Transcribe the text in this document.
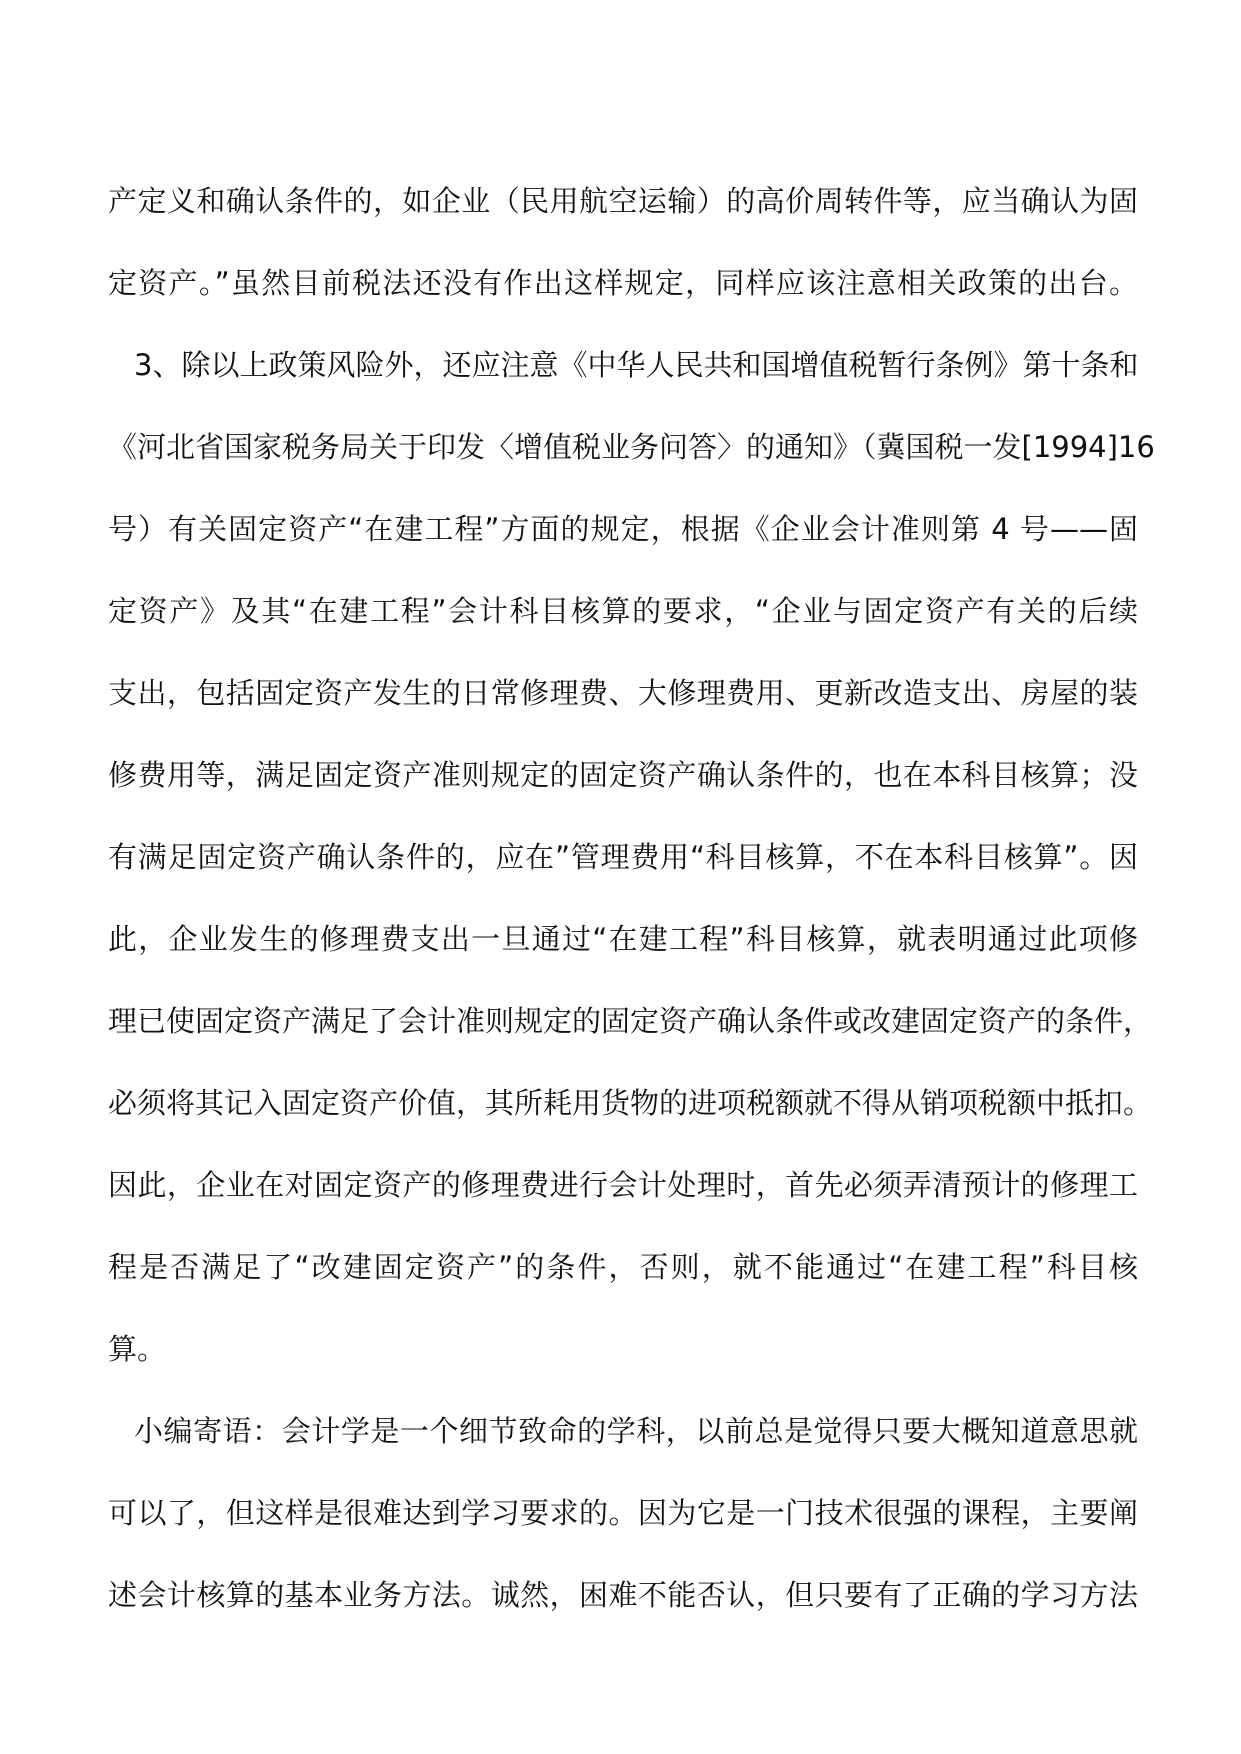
产定义和确认条件的，如企业（民用航空运输）的高价周转件等，应当确认为固
定资产。”虽然目前税法还没有作出这样规定，同样应该注意相关政策的出台。
3、除以上政策风险外，还应注意《中华人民共和国增值税暂行条例》第十条和
《河北省国家税务局关于印发〈增值税业务问答〉的通知》（冀国税一发[1994]16
号）有关固定资产“在建工程”方面的规定，根据《企业会计准则第 4 号——固
定资产》及其“在建工程”会计科目核算的要求，“企业与固定资产有关的后续
支出，包括固定资产发生的日常修理费、大修理费用、更新改造支出、房屋的装
修费用等，满足固定资产准则规定的固定资产确认条件的，也在本科目核算；没
有满足固定资产确认条件的，应在”管理费用“科目核算，不在本科目核算”。因
此，企业发生的修理费支出一旦通过“在建工程”科目核算，就表明通过此项修
理已使固定资产满足了会计准则规定的固定资产确认条件或改建固定资产的条件，
必须将其记入固定资产价值，其所耗用货物的进项税额就不得从销项税额中抵扣。
因此，企业在对固定资产的修理费进行会计处理时，首先必须弄清预计的修理工
程是否满足了“改建固定资产”的条件，否则，就不能通过“在建工程”科目核
算。
小编寄语：会计学是一个细节致命的学科，以前总是觉得只要大概知道意思就
可以了，但这样是很难达到学习要求的。因为它是一门技术很强的课程，主要阐
述会计核算的基本业务方法。诚然，困难不能否认，但只要有了正确的学习方法
